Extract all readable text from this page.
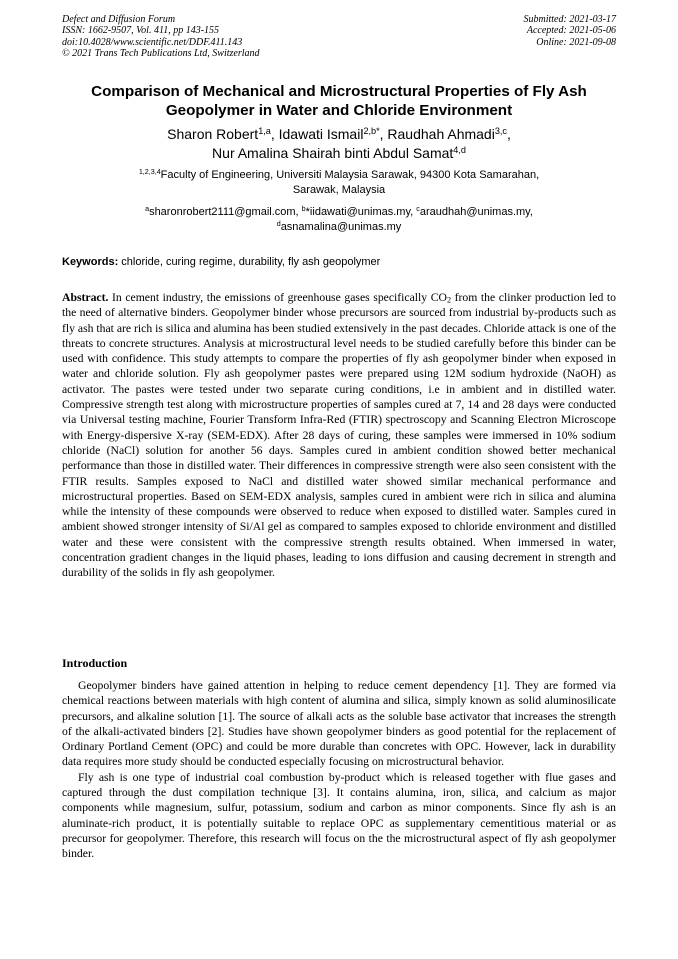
Defect and Diffusion Forum
ISSN: 1662-9507, Vol. 411, pp 143-155
doi:10.4028/www.scientific.net/DDF.411.143
© 2021 Trans Tech Publications Ltd, Switzerland
Submitted: 2021-03-17
Accepted: 2021-05-06
Online: 2021-09-08
Comparison of Mechanical and Microstructural Properties of Fly Ash
Geopolymer in Water and Chloride Environment
Sharon Robert$^{1,a}$, Idawati Ismail$^{2,b*}$, Raudhah Ahmadi$^{3,c}$,
Nur Amalina Shairah binti Abdul Samat$^{4,d}$
$^{1,2,3,4}$Faculty of Engineering, Universiti Malaysia Sarawak, 94300 Kota Samarahan,
Sarawak, Malaysia
$^a$sharonrobert2111@gmail.com, $^b$*iidawati@unimas.my, $^c$araudhah@unimas.my,
$^d$asnamalina@unimas.my
Keywords: chloride, curing regime, durability, fly ash geopolymer
Abstract. In cement industry, the emissions of greenhouse gases specifically $CO_2$ from the clinker production led to the need of alternative binders. Geopolymer binder whose precursors are sourced from industrial by-products such as fly ash that are rich is silica and alumina has been studied extensively in the past decades. Chloride attack is one of the threats to concrete structures. Analysis at microstructural level needs to be studied carefully before this binder can be used with confidence. This study attempts to compare the properties of fly ash geopolymer binder when exposed in water and chloride solution. Fly ash geopolymer pastes were prepared using 12M sodium hydroxide (NaOH) as activator. The pastes were tested under two separate curing conditions, i.e in ambient and in distilled water. Compressive strength test along with microstructure properties of samples cured at 7, 14 and 28 days were conducted via Universal testing machine, Fourier Transform Infra-Red (FTIR) spectroscopy and Scanning Electron Microscope with Energy-dispersive X-ray (SEM-EDX). After 28 days of curing, these samples were immersed in 10% sodium chloride (NaCl) solution for another 56 days. Samples cured in ambient condition showed better mechanical performance than those in distilled water. Their differences in compressive strength were also seen consistent with the FTIR results. Samples exposed to NaCl and distilled water showed similar mechanical performance and microstructural properties. Based on SEM-EDX analysis, samples cured in ambient were rich in silica and alumina while the intensity of these compounds were observed to reduce when exposed to distilled water. Samples cured in ambient showed stronger intensity of Si/Al gel as compared to samples exposed to chloride environment and distilled water and these were consistent with the compressive strength results obtained. When immersed in water, concentration gradient changes in the liquid phases, leading to ions diffusion and causing decrement in strength and durability of the solids in fly ash geopolymer.
Introduction

Geopolymer binders have gained attention in helping to reduce cement dependency [1]. They are formed via chemical reactions between materials with high content of alumina and silica, simply known as solid aluminosilicate precursors, and alkaline solution [1]. The source of alkali acts as the soluble base activator that increases the strength of the alkali-activated binders [2]. Studies have shown geopolymer binders as good potential for the replacement of Ordinary Portland Cement (OPC) and could be more durable than concretes with OPC. However, lack in durability data requires more study should be conducted especially focusing on microstructural behavior.

Fly ash is one type of industrial coal combustion by-product which is released together with flue gases and captured through the dust compilation technique [3]. It contains alumina, iron, silica, and calcium as major components while magnesium, sulfur, potassium, sodium and carbon as minor components. Since fly ash is an aluminate-rich product, it is potentially suitable to replace OPC as supplementary cementitious material or as precursor for geopolymer. Therefore, this research will focus on the the microstructural aspect of fly ash geopolymer binder.
